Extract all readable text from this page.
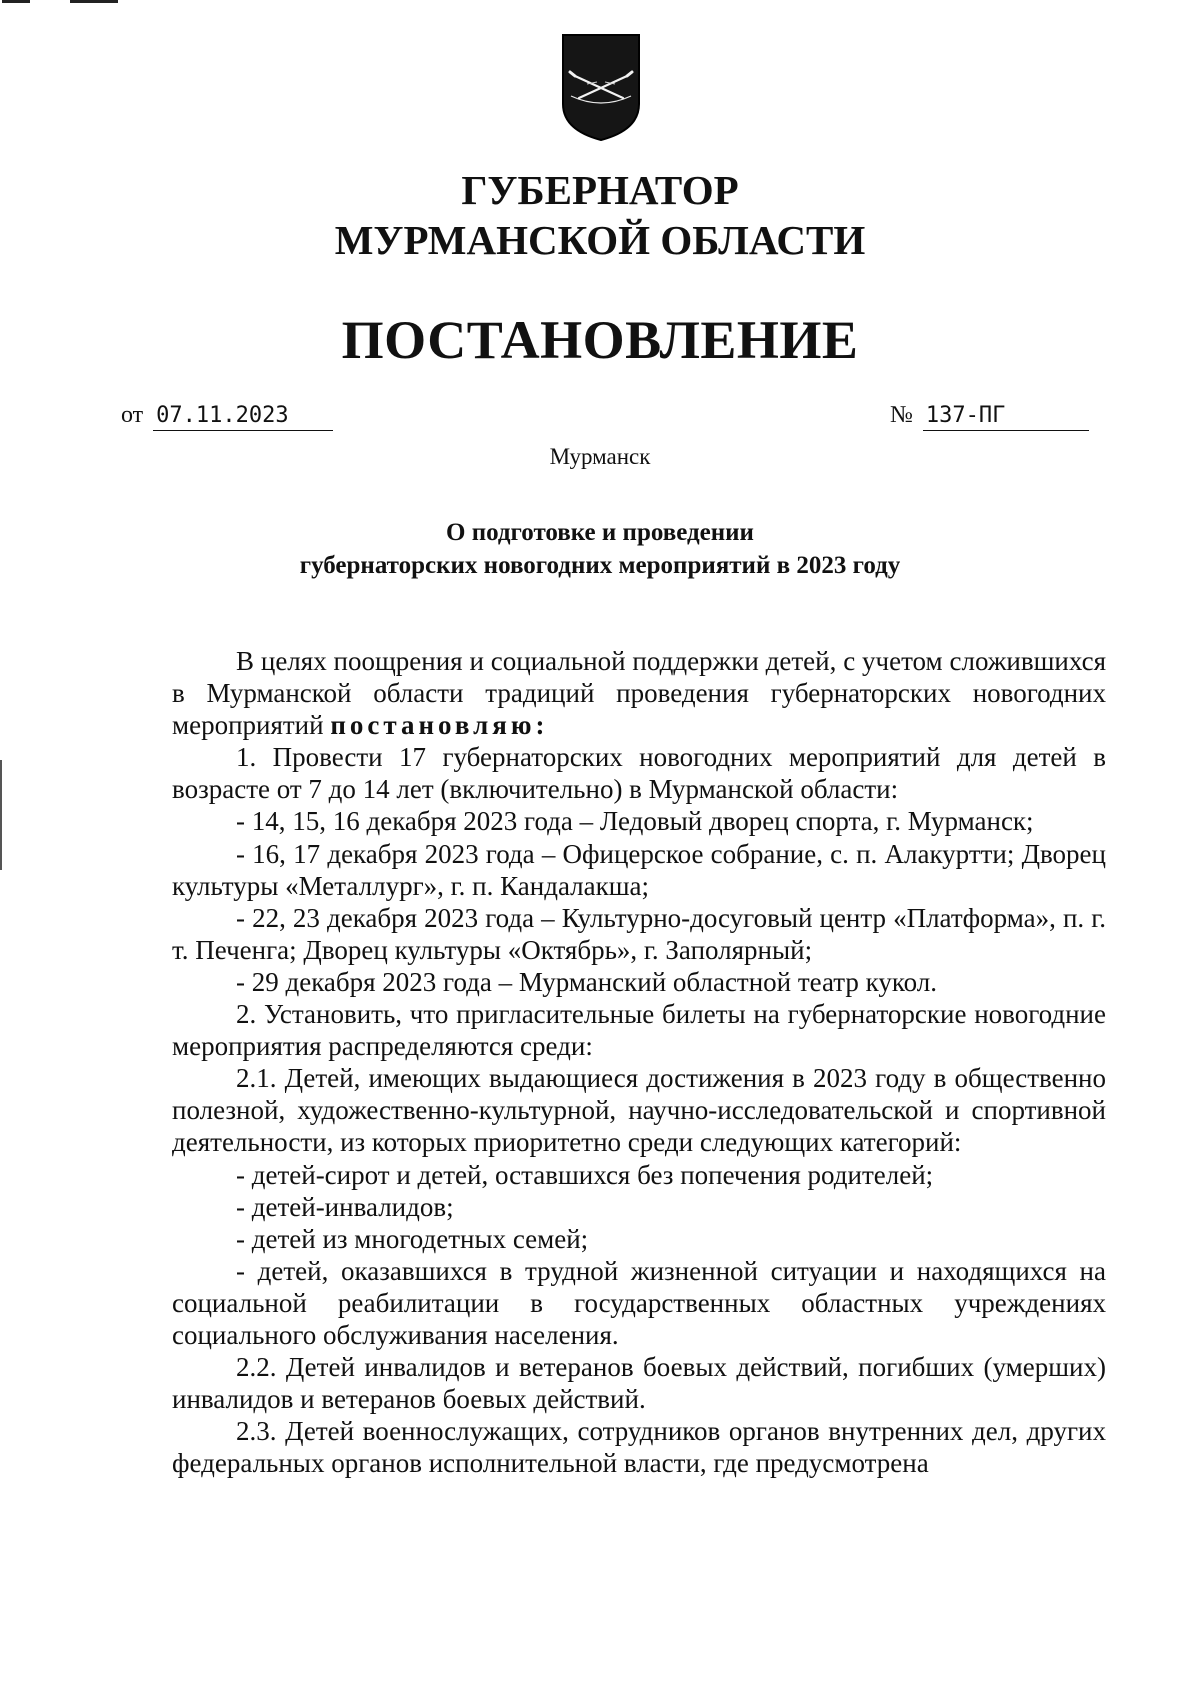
ГУБЕРНАТОР
МУРМАНСКОЙ ОБЛАСТИ
ПОСТАНОВЛЕНИЕ
от 07.11.2023	№ 137-ПГ
Мурманск
О подготовке и проведении
губернаторских новогодних мероприятий в 2023 году

В целях поощрения и социальной поддержки детей, с учетом сложившихся в Мурманской области традиций проведения губернаторских новогодних мероприятий постановляю:

1. Провести 17 губернаторских новогодних мероприятий для детей в возрасте от 7 до 14 лет (включительно) в Мурманской области:

- 14, 15, 16 декабря 2023 года – Ледовый дворец спорта, г. Мурманск;

- 16, 17 декабря 2023 года – Офицерское собрание, с. п. Алакуртти; Дворец культуры «Металлург», г. п. Кандалакша;

- 22, 23 декабря 2023 года – Культурно-досуговый центр «Платформа», п. г. т. Печенга; Дворец культуры «Октябрь», г. Заполярный;

- 29 декабря 2023 года – Мурманский областной театр кукол.

2. Установить, что пригласительные билеты на губернаторские новогодние мероприятия распределяются среди:

2.1. Детей, имеющих выдающиеся достижения в 2023 году в общественно полезной, художественно-культурной, научно-исследовательской и спортивной деятельности, из которых приоритетно среди следующих категорий:

- детей-сирот и детей, оставшихся без попечения родителей;

- детей-инвалидов;

- детей из многодетных семей;

- детей, оказавшихся в трудной жизненной ситуации и находящихся на социальной реабилитации в государственных областных учреждениях социального обслуживания населения.

2.2. Детей инвалидов и ветеранов боевых действий, погибших (умерших) инвалидов и ветеранов боевых действий.

2.3. Детей военнослужащих, сотрудников органов внутренних дел, других федеральных органов исполнительной власти, где предусмотрена
